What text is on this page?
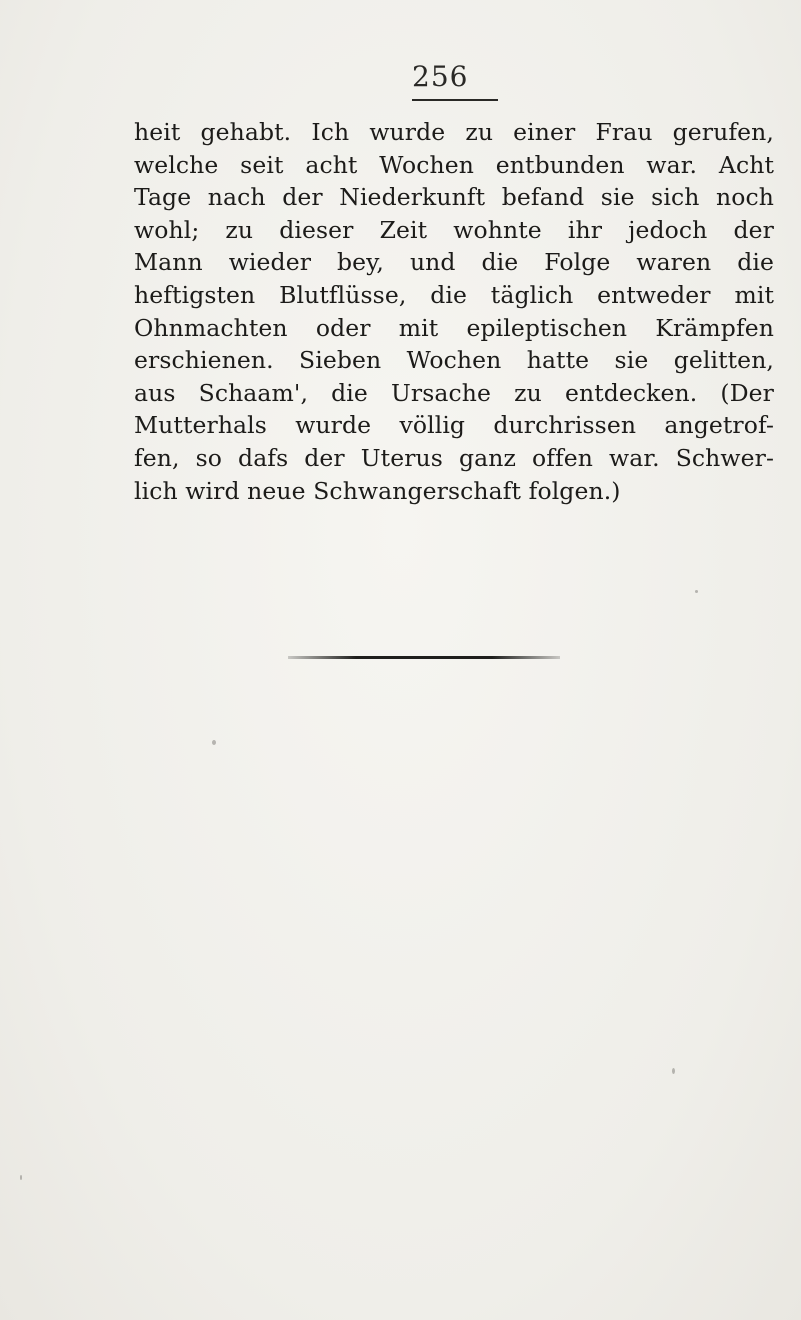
256
heit gehabt. Ich wurde zu einer Frau gerufen,
welche seit acht Wochen entbunden war. Acht
Tage nach der Niederkunft befand sie sich noch
wohl; zu dieser Zeit wohnte ihr jedoch der
Mann wieder bey, und die Folge waren die
heftigsten Blutflüsse, die täglich entweder mit
Ohnmachten oder mit epileptischen Krämpfen
erschienen. Sieben Wochen hatte sie gelitten,
aus Schaam', die Ursache zu entdecken. (Der
Mutterhals wurde völlig durchrissen angetrof-
fen, so dafs der Uterus ganz offen war. Schwer-
lich wird neue Schwangerschaft folgen.)
